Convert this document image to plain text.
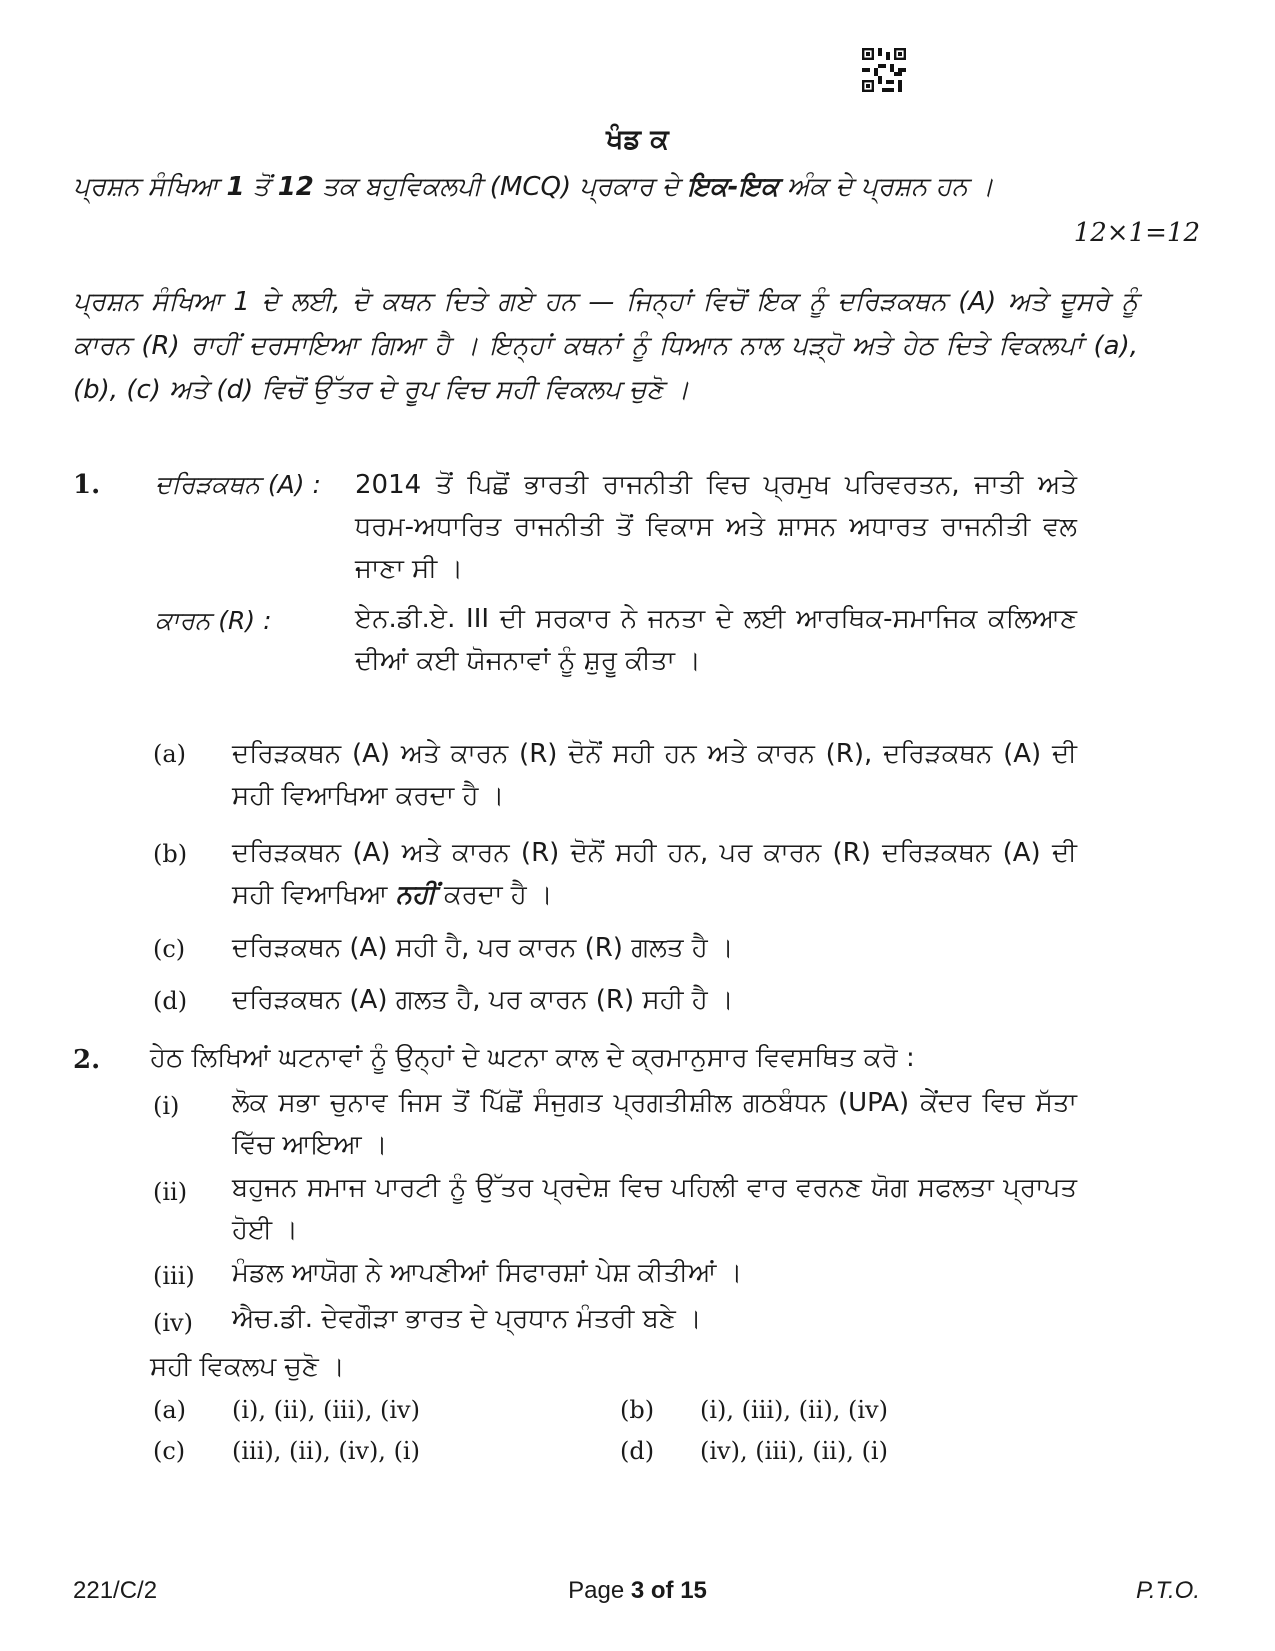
ਖੰਡ ਕ
ਪ੍ਰਸ਼ਨ ਸੰਖਿਆ 1 ਤੋਂ 12 ਤਕ ਬਹੁਵਿਕਲਪੀ (MCQ) ਪ੍ਰਕਾਰ ਦੇ ਇਕ-ਇਕ ਅੰਕ ਦੇ ਪ੍ਰਸ਼ਨ ਹਨ ।
12×1=12
ਪ੍ਰਸ਼ਨ ਸੰਖਿਆ 1 ਦੇ ਲਈ, ਦੋ ਕਥਨ ਦਿਤੇ ਗਏ ਹਨ — ਜਿਨ੍ਹਾਂ ਵਿਚੋਂ ਇਕ ਨੂੰ ਦਰਿੜਕਥਨ (A) ਅਤੇ ਦੂਸਰੇ ਨੂੰ ਕਾਰਨ (R) ਰਾਹੀਂ ਦਰਸਾਇਆ ਗਿਆ ਹੈ । ਇਨ੍ਹਾਂ ਕਥਨਾਂ ਨੂੰ ਧਿਆਨ ਨਾਲ ਪੜ੍ਹੋ ਅਤੇ ਹੇਠ ਦਿਤੇ ਵਿਕਲਪਾਂ (a), (b), (c) ਅਤੇ (d) ਵਿਚੋਂ ਉੱਤਰ ਦੇ ਰੂਪ ਵਿਚ ਸਹੀ ਵਿਕਲਪ ਚੁਣੋ ।
1. ਦਰਿੜਕਥਨ (A) : 2014 ਤੋਂ ਪਿਛੋਂ ਭਾਰਤੀ ਰਾਜਨੀਤੀ ਵਿਚ ਪ੍ਰਮੁਖ ਪਰਿਵਰਤਨ, ਜਾਤੀ ਅਤੇ ਧਰਮ-ਅਧਾਰਿਤ ਰਾਜਨੀਤੀ ਤੋਂ ਵਿਕਾਸ ਅਤੇ ਸ਼ਾਸਨ ਅਧਾਰਤ ਰਾਜਨੀਤੀ ਵਲ ਜਾਣਾ ਸੀ ।
ਕਾਰਨ (R) :	ਏਨ.ਡੀ.ਏ. III ਦੀ ਸਰਕਾਰ ਨੇ ਜਨਤਾ ਦੇ ਲਈ ਆਰਥਿਕ-ਸਮਾਜਿਕ ਕਲਿਆਣ ਦੀਆਂ ਕਈ ਯੋਜਨਾਵਾਂ ਨੂੰ ਸ਼ੁਰੂ ਕੀਤਾ ।
(a) ਦਰਿੜਕਥਨ (A) ਅਤੇ ਕਾਰਨ (R) ਦੋਨੋਂ ਸਹੀ ਹਨ ਅਤੇ ਕਾਰਨ (R), ਦਰਿੜਕਥਨ (A) ਦੀ ਸਹੀ ਵਿਆਖਿਆ ਕਰਦਾ ਹੈ ।
(b) ਦਰਿੜਕਥਨ (A) ਅਤੇ ਕਾਰਨ (R) ਦੋਨੋਂ ਸਹੀ ਹਨ, ਪਰ ਕਾਰਨ (R) ਦਰਿੜਕਥਨ (A) ਦੀ ਸਹੀ ਵਿਆਖਿਆ ਨਹੀਂ ਕਰਦਾ ਹੈ ।
(c) ਦਰਿੜਕਥਨ (A) ਸਹੀ ਹੈ, ਪਰ ਕਾਰਨ (R) ਗਲਤ ਹੈ ।
(d) ਦਰਿੜਕਥਨ (A) ਗਲਤ ਹੈ, ਪਰ ਕਾਰਨ (R) ਸਹੀ ਹੈ ।
2. ਹੇਠ ਲਿਖਿਆਂ ਘਟਨਾਵਾਂ ਨੂੰ ਉਨ੍ਹਾਂ ਦੇ ਘਟਨਾ ਕਾਲ ਦੇ ਕ੍ਰਮਾਨੁਸਾਰ ਵਿਵਸਥਿਤ ਕਰੋ :
(i) ਲੋਕ ਸਭਾ ਚੁਨਾਵ ਜਿਸ ਤੋਂ ਪਿੱਛੋਂ ਸੰਜੁਗਤ ਪ੍ਰਗਤੀਸ਼ੀਲ ਗਠਬੰਧਨ (UPA) ਕੇਂਦਰ ਵਿਚ ਸੱਤਾ ਵਿੱਚ ਆਇਆ ।
(ii) ਬਹੁਜਨ ਸਮਾਜ ਪਾਰਟੀ ਨੂੰ ਉੱਤਰ ਪ੍ਰਦੇਸ਼ ਵਿਚ ਪਹਿਲੀ ਵਾਰ ਵਰਨਣ ਯੋਗ ਸਫਲਤਾ ਪ੍ਰਾਪਤ ਹੋਈ ।
(iii) ਮੰਡਲ ਆਯੋਗ ਨੇ ਆਪਣੀਆਂ ਸਿਫਾਰਸ਼ਾਂ ਪੇਸ਼ ਕੀਤੀਆਂ ।
(iv) ਐਚ.ਡੀ. ਦੇਵਗੌੜਾ ਭਾਰਤ ਦੇ ਪ੍ਰਧਾਨ ਮੰਤਰੀ ਬਣੇ ।
ਸਹੀ ਵਿਕਲਪ ਚੁਣੋ ।
(a) (i), (ii), (iii), (iv)	(b) (i), (iii), (ii), (iv)
(c) (iii), (ii), (iv), (i)	(d) (iv), (iii), (ii), (i)
221/C/2	Page 3 of 15	P.T.O.
